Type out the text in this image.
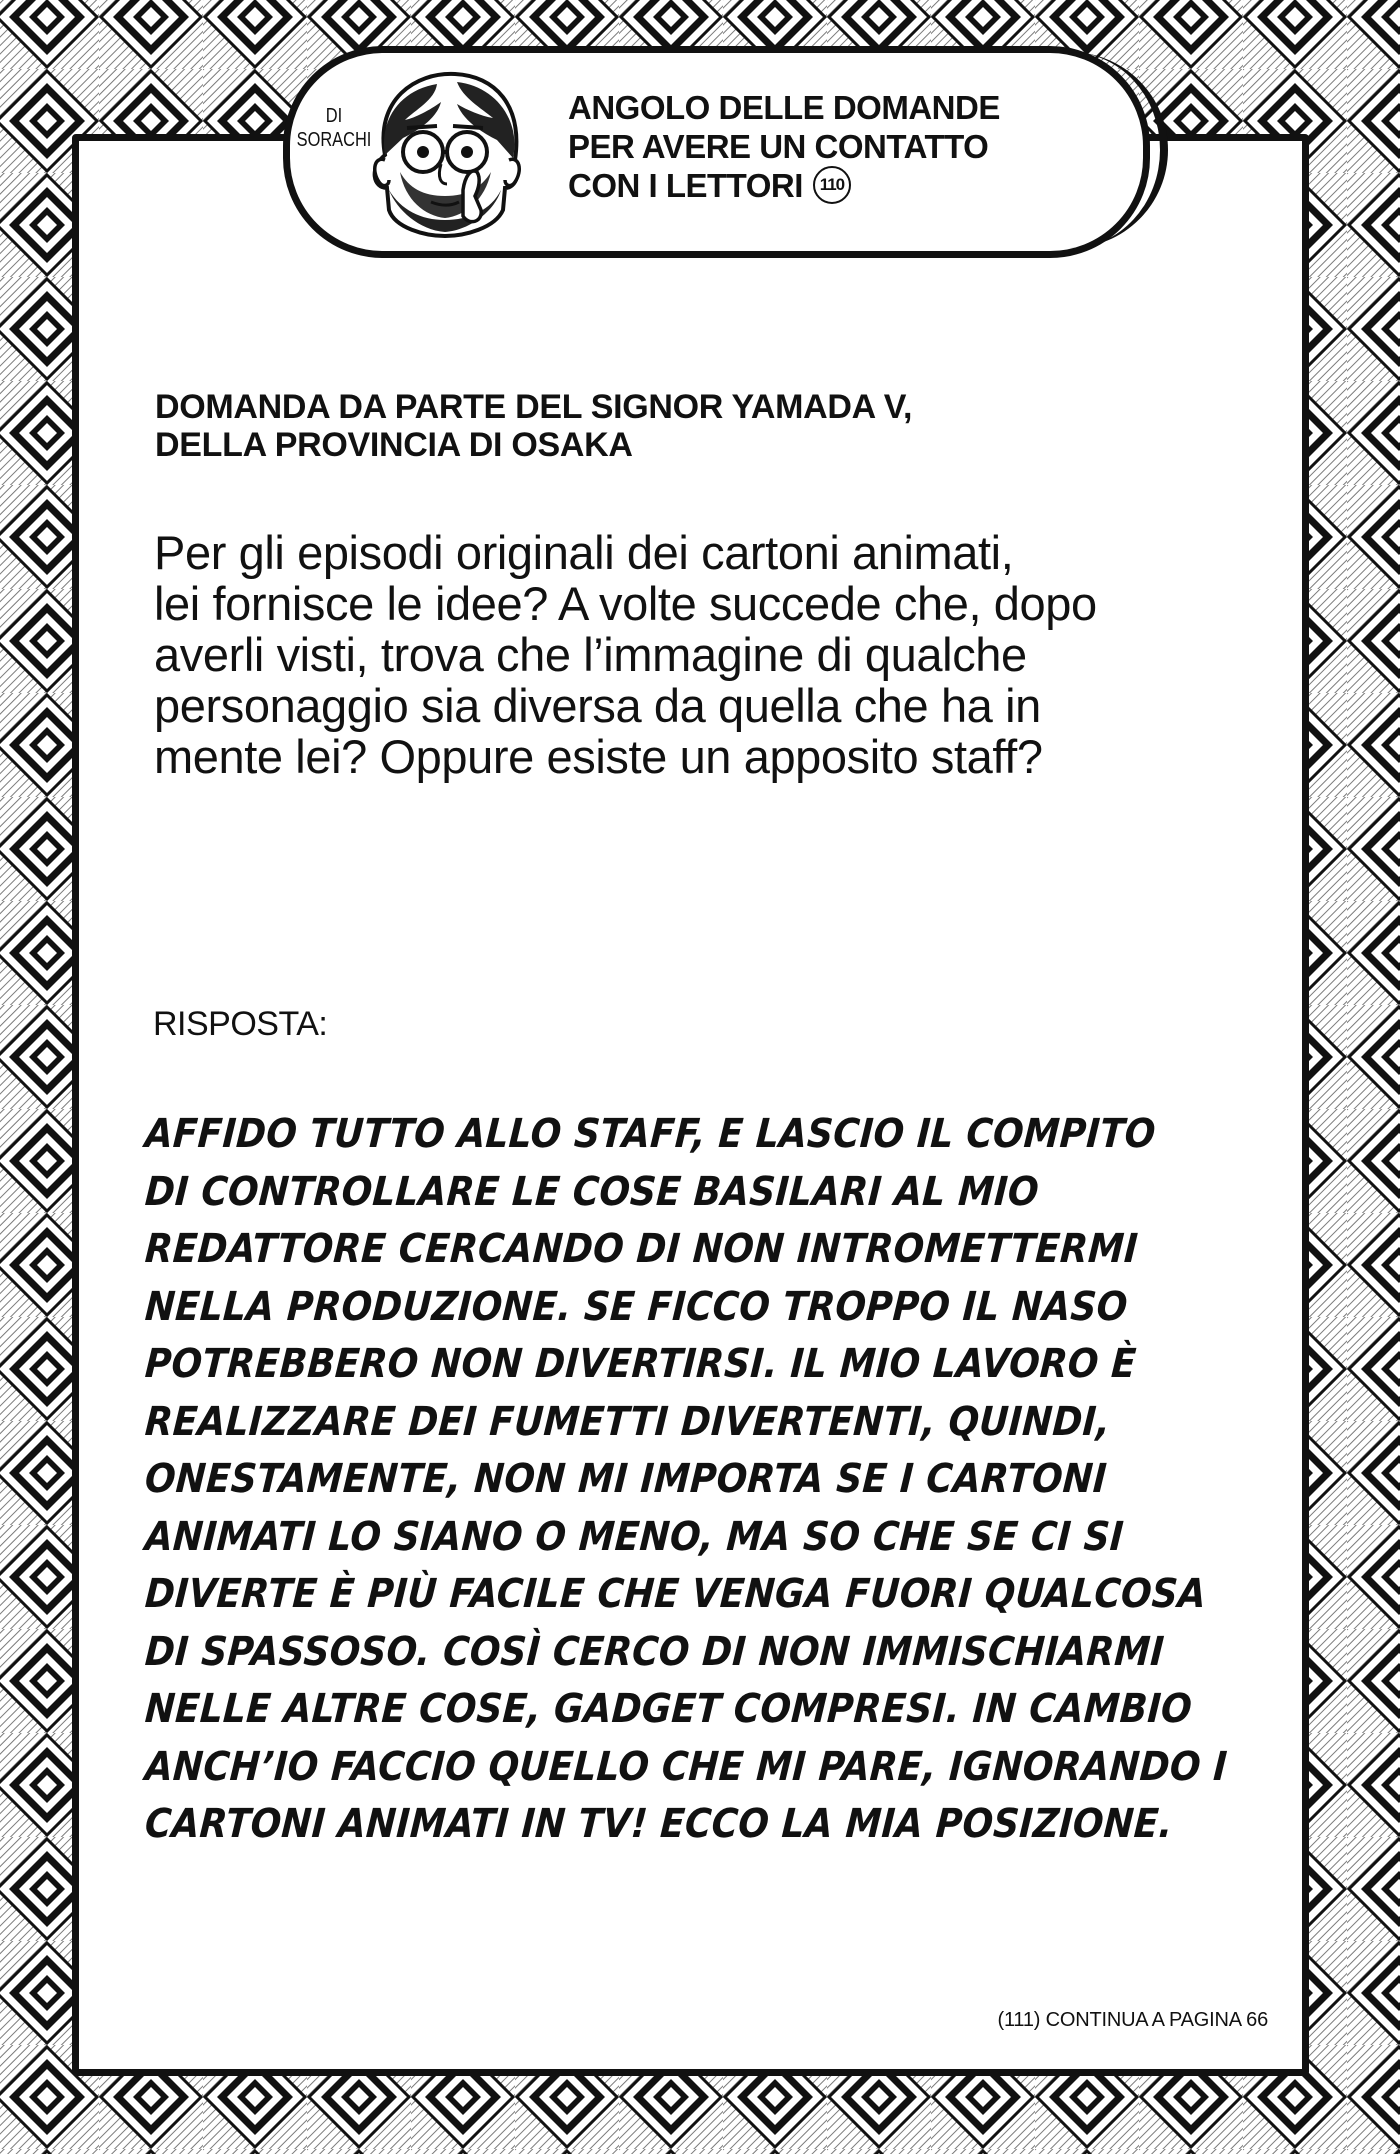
DI
SORACHI
ANGOLO DELLE DOMANDE
PER AVERE UN CONTATTO
CON I LETTORI 110
DOMANDA DA PARTE DEL SIGNOR YAMADA V,
DELLA PROVINCIA DI OSAKA
Per gli episodi originali dei cartoni animati,
lei fornisce le idee? A volte succede che, dopo
averli visti, trova che l’immagine di qualche
personaggio sia diversa da quella che ha in
mente lei? Oppure esiste un apposito staff?
RISPOSTA:
AFFIDO TUTTO ALLO STAFF, E LASCIO IL COMPITO
DI CONTROLLARE LE COSE BASILARI AL MIO
REDATTORE CERCANDO DI NON INTROMETTERMI
NELLA PRODUZIONE. SE FICCO TROPPO IL NASO
POTREBBERO NON DIVERTIRSI. IL MIO LAVORO È
REALIZZARE DEI FUMETTI DIVERTENTI, QUINDI,
ONESTAMENTE, NON MI IMPORTA SE I CARTONI
ANIMATI LO SIANO O MENO, MA SO CHE SE CI SI
DIVERTE È PIÙ FACILE CHE VENGA FUORI QUALCOSA
DI SPASSOSO. COSÌ CERCO DI NON IMMISCHIARMI
NELLE ALTRE COSE, GADGET COMPRESI. IN CAMBIO
ANCH’IO FACCIO QUELLO CHE MI PARE, IGNORANDO I
CARTONI ANIMATI IN TV! ECCO LA MIA POSIZIONE.
(111) CONTINUA A PAGINA 66
